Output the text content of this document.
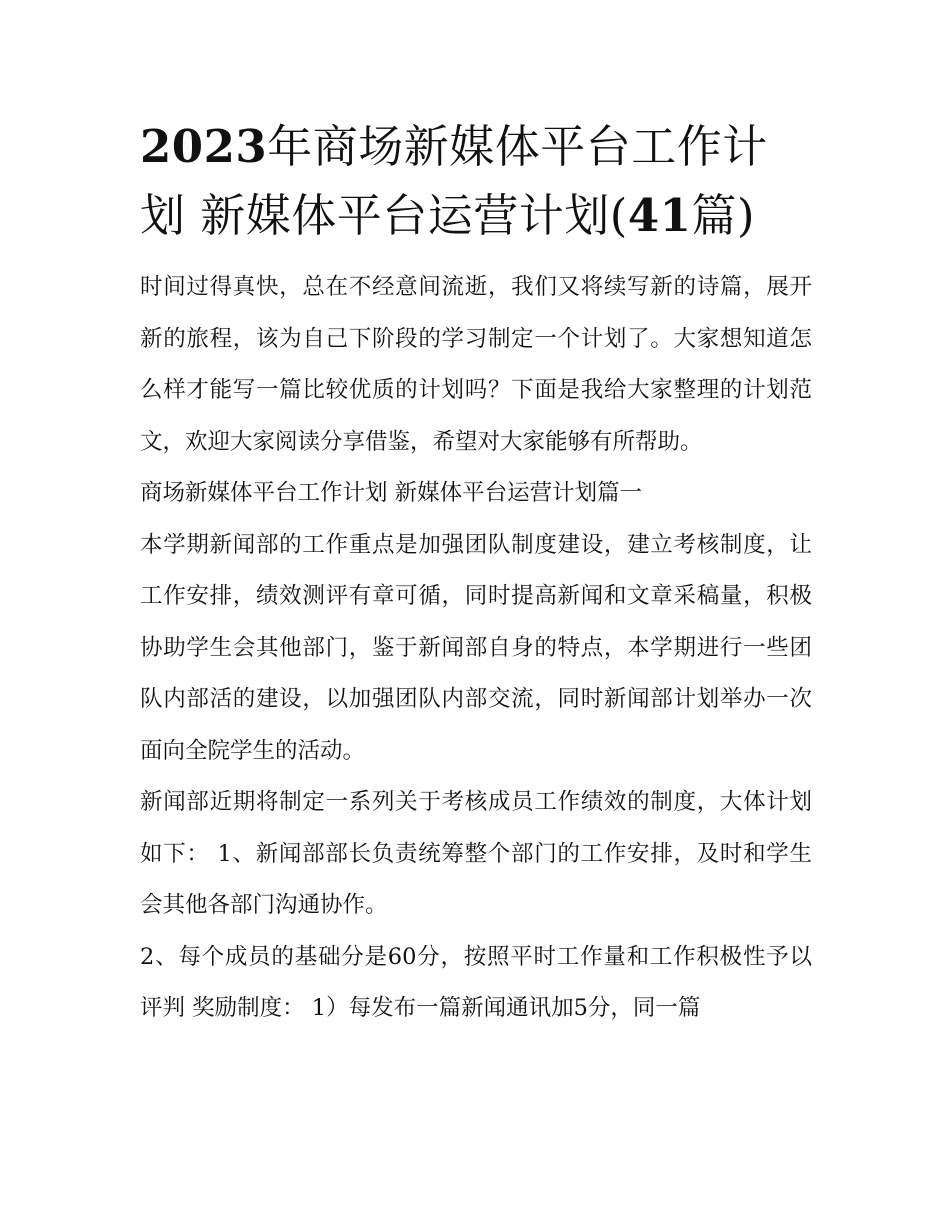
2023年商场新媒体平台工作计划 新媒体平台运营计划(41篇)

时间过得真快，总在不经意间流逝，我们又将续写新的诗篇，展开新的旅程，该为自己下阶段的学习制定一个计划了。大家想知道怎么样才能写一篇比较优质的计划吗？下面是我给大家整理的计划范文，欢迎大家阅读分享借鉴，希望对大家能够有所帮助。

商场新媒体平台工作计划 新媒体平台运营计划篇一

本学期新闻部的工作重点是加强团队制度建设，建立考核制度，让工作安排，绩效测评有章可循，同时提高新闻和文章采稿量，积极协助学生会其他部门，鉴于新闻部自身的特点，本学期进行一些团队内部活的建设，以加强团队内部交流，同时新闻部计划举办一次面向全院学生的活动。

新闻部近期将制定一系列关于考核成员工作绩效的制度，大体计划如下： 1、新闻部部长负责统筹整个部门的工作安排，及时和学生会其他各部门沟通协作。

2、每个成员的基础分是60分，按照平时工作量和工作积极性予以评判 奖励制度： 1）每发布一篇新闻通讯加5分，同一篇
